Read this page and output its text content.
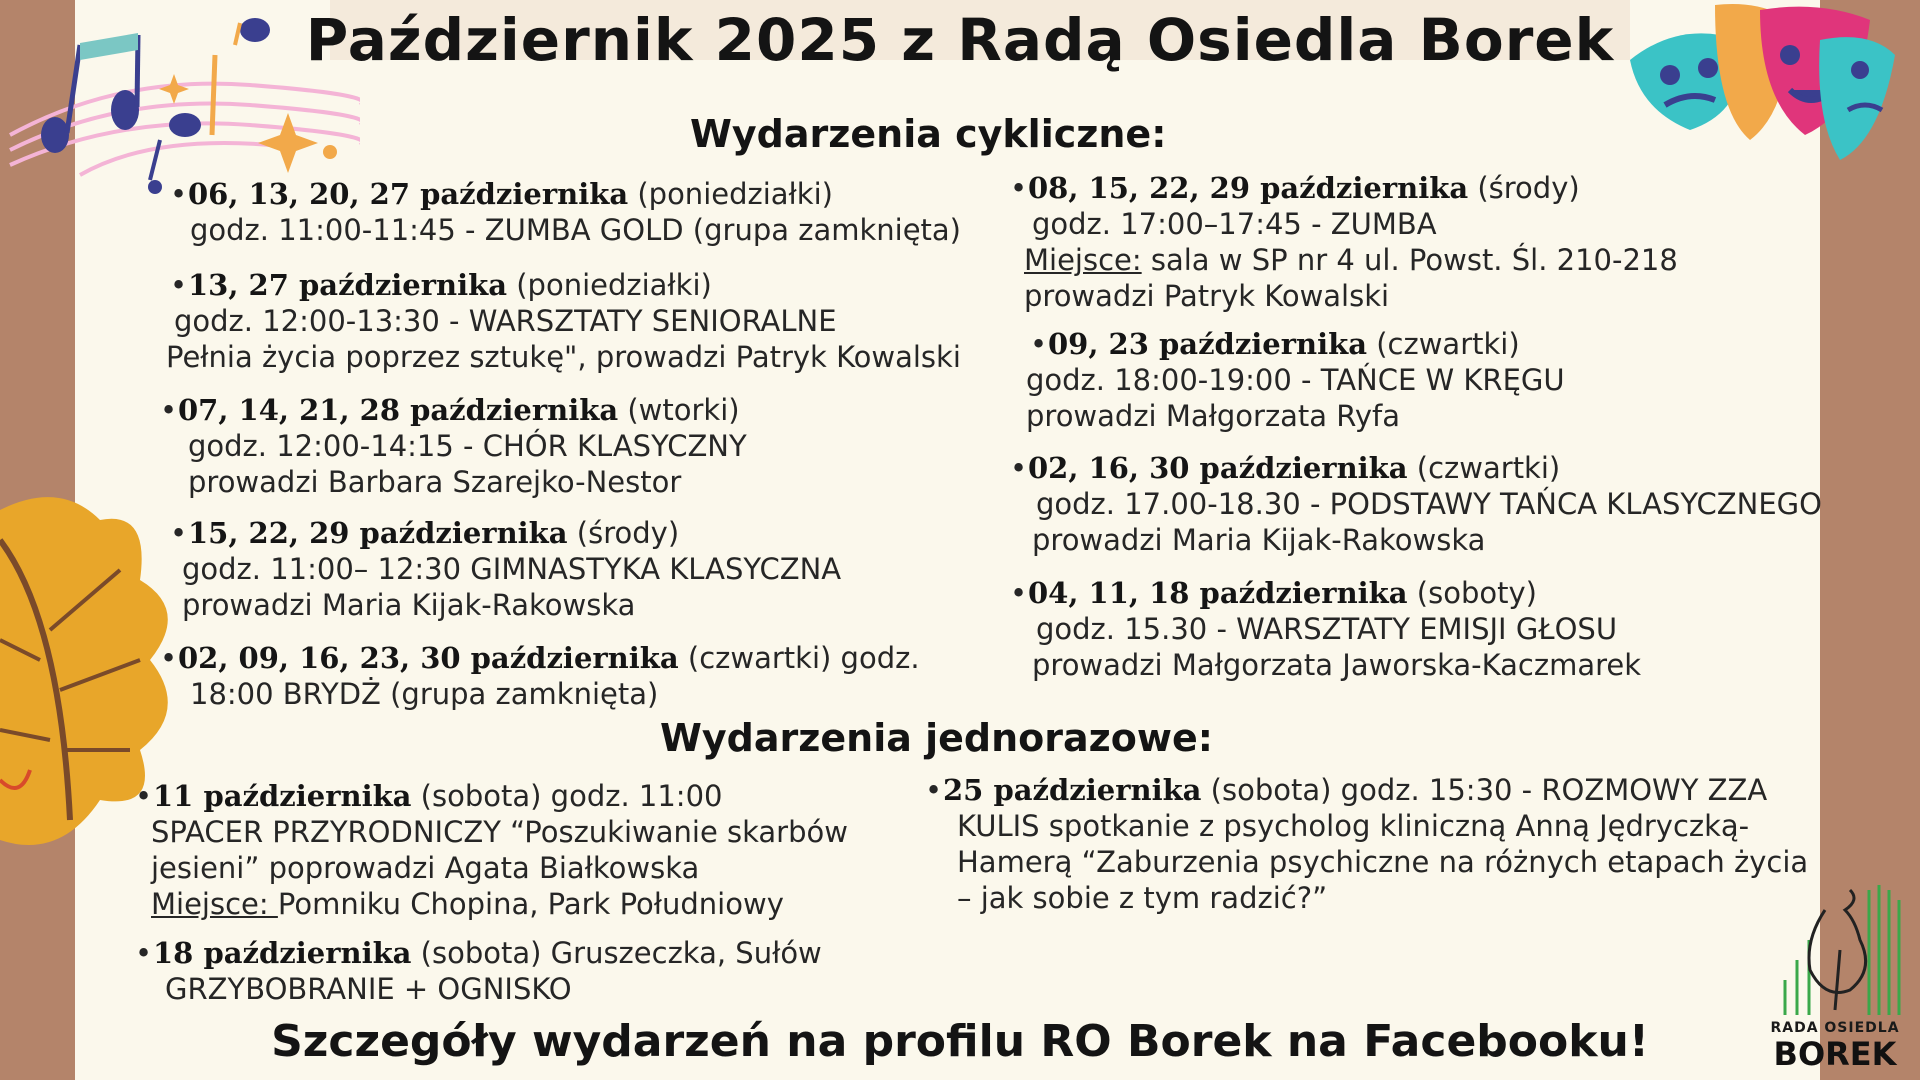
Październik 2025 z Radą Osiedla Borek
Wydarzenia cykliczne:
•06, 13, 20, 27 października (poniedziałki)
godz. 11:00-11:45 - ZUMBA GOLD (grupa zamknięta)
•13, 27 października (poniedziałki)
godz. 12:00-13:30 - WARSZTATY SENIORALNE
Pełnia życia poprzez sztukę", prowadzi Patryk Kowalski
•07, 14, 21, 28 października (wtorki)
godz. 12:00-14:15 - CHÓR KLASYCZNY
prowadzi Barbara Szarejko-Nestor
•15, 22, 29 października (środy)
godz. 11:00– 12:30 GIMNASTYKA KLASYCZNA
prowadzi Maria Kijak-Rakowska
•02, 09, 16, 23, 30 października (czwartki) godz.
18:00 BRYDŻ (grupa zamknięta)
•08, 15, 22, 29 października (środy)
godz. 17:00–17:45 - ZUMBA
Miejsce: sala w SP nr 4 ul. Powst. Śl. 210-218
prowadzi Patryk Kowalski
•09, 23 października (czwartki)
godz. 18:00-19:00 - TAŃCE W KRĘGU
prowadzi Małgorzata Ryfa
•02, 16, 30 października (czwartki)
godz. 17.00-18.30 - PODSTAWY TAŃCA KLASYCZNEGO
prowadzi Maria Kijak-Rakowska
•04, 11, 18 października (soboty)
godz. 15.30 - WARSZTATY EMISJI GŁOSU
prowadzi Małgorzata Jaworska-Kaczmarek
Wydarzenia jednorazowe:
•11 października (sobota) godz. 11:00
SPACER PRZYRODNICZY “Poszukiwanie skarbów
jesieni” poprowadzi Agata Białkowska
Miejsce: Pomniku Chopina, Park Południowy
•18 października (sobota) Gruszeczka, Sułów
GRZYBOBRANIE + OGNISKO
•25 października (sobota) godz. 15:30 - ROZMOWY ZZA
KULIS spotkanie z psycholog kliniczną Anną Jędryczką-
Hamerą “Zaburzenia psychiczne na różnych etapach życia
– jak sobie z tym radzić?”
Szczegóły wydarzeń na profilu RO Borek na Facebooku!	RADA OSIEDLA
BOREK
